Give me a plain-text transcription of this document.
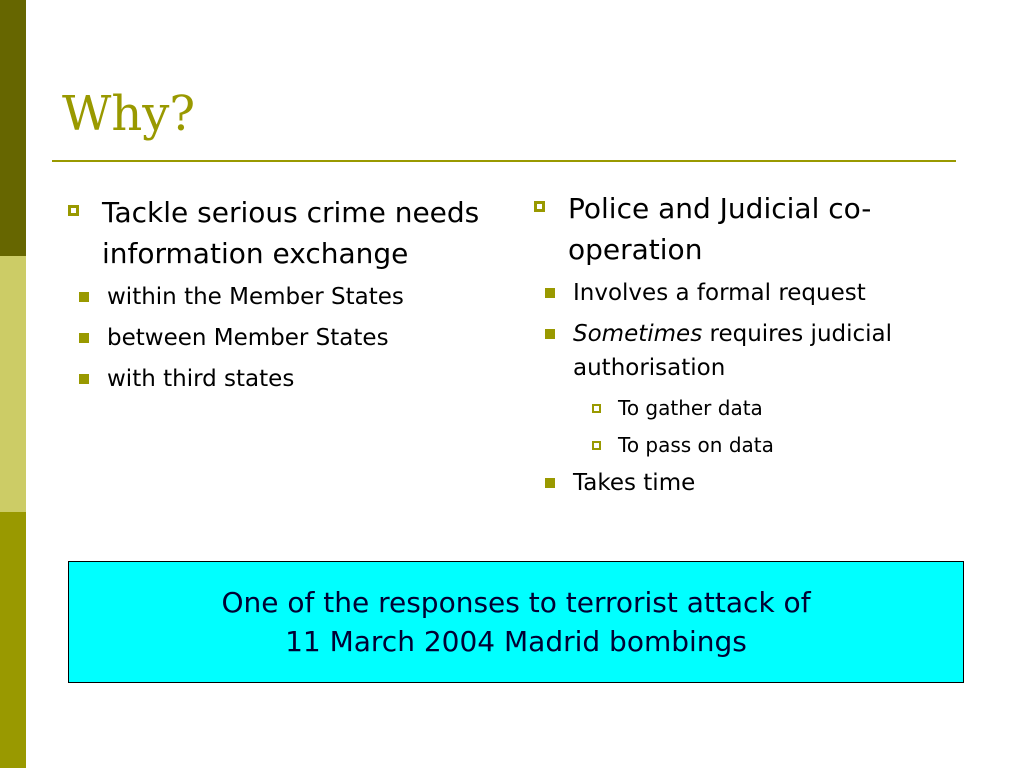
Why?
Tackle serious crime needs information exchange
within the Member States
between Member States
with third states
Police and Judicial co-operation
Involves a formal request
Sometimes requires judicial authorisation
To gather data
To pass on data
Takes time
One of the responses to terrorist attack of
11 March 2004 Madrid bombings
